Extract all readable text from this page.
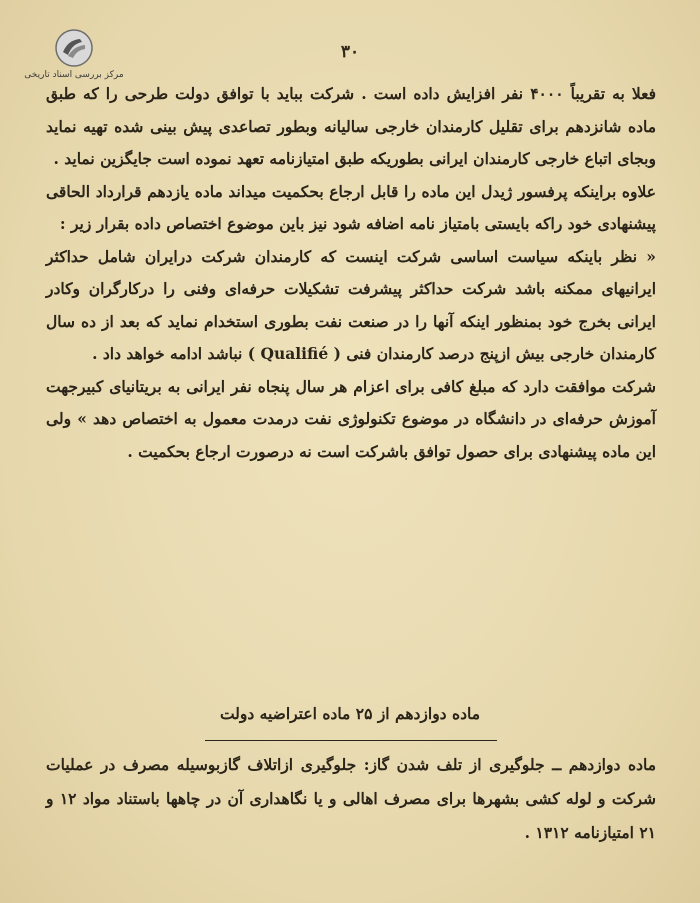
مرکز بررسی اسناد تاریخی
۳۰

فعلا به تقریباً ۴۰۰۰ نفر افزایش داده است . شرکت بباید با توافق دولت طرحی را که طبق ماده شانزدهم برای تقلیل کارمندان خارجی سالیانه وبطور تصاعدی پیش بینی شده تهیه نماید وبجای اتباع خارجی کارمندان ایرانی بطوریکه طبق امتیازنامه تعهد نموده است جایگزین نماید .

علاوه براینکه پرفسور ژیدل این ماده را قابل ارجاع بحکمیت میداند ماده یازدهم قرارداد الحاقی پیشنهادی خود راکه بایستی بامتیاز نامه اضافه شود نیز باین موضوع اختصاص داده بقرار زیر :

« نظر باینکه سیاست اساسی شرکت اینست که کارمندان شرکت درایران شامل حداکثر ایرانیهای ممکنه باشد شرکت حداکثر پیشرفت تشکیلات حرفه‌ای وفنی را درکارگران وکادر ایرانی بخرج خود بمنظور اینکه آنها را در صنعت نفت بطوری استخدام نماید که بعد از ده سال کارمندان خارجی بیش ازپنج درصد کارمندان فنی ( Qualifié ) نباشد ادامه خواهد داد .

شرکت موافقت دارد که مبلغ کافی برای اعزام هر سال پنجاه نفر ایرانی به بریتانیای کبیرجهت آموزش حرفه‌ای در دانشگاه در موضوع تکنولوژی نفت درمدت معمول به اختصاص دهد » ولی این ماده پیشنهادی برای حصول توافق باشرکت است نه درصورت ارجاع بحکمیت .

ماده دوازدهم از ۲۵ ماده اعتراضیه دولت

ماده دوازدهم ــ جلوگیری از تلف شدن گاز: جلوگیری ازاتلاف گازبوسیله مصرف در عملیات شرکت و لوله کشی بشهرها برای مصرف اهالی و یا نگاهداری آن در چاهها باستناد مواد ۱۲ و ۲۱ امتیازنامه ۱۳۱۲ .
